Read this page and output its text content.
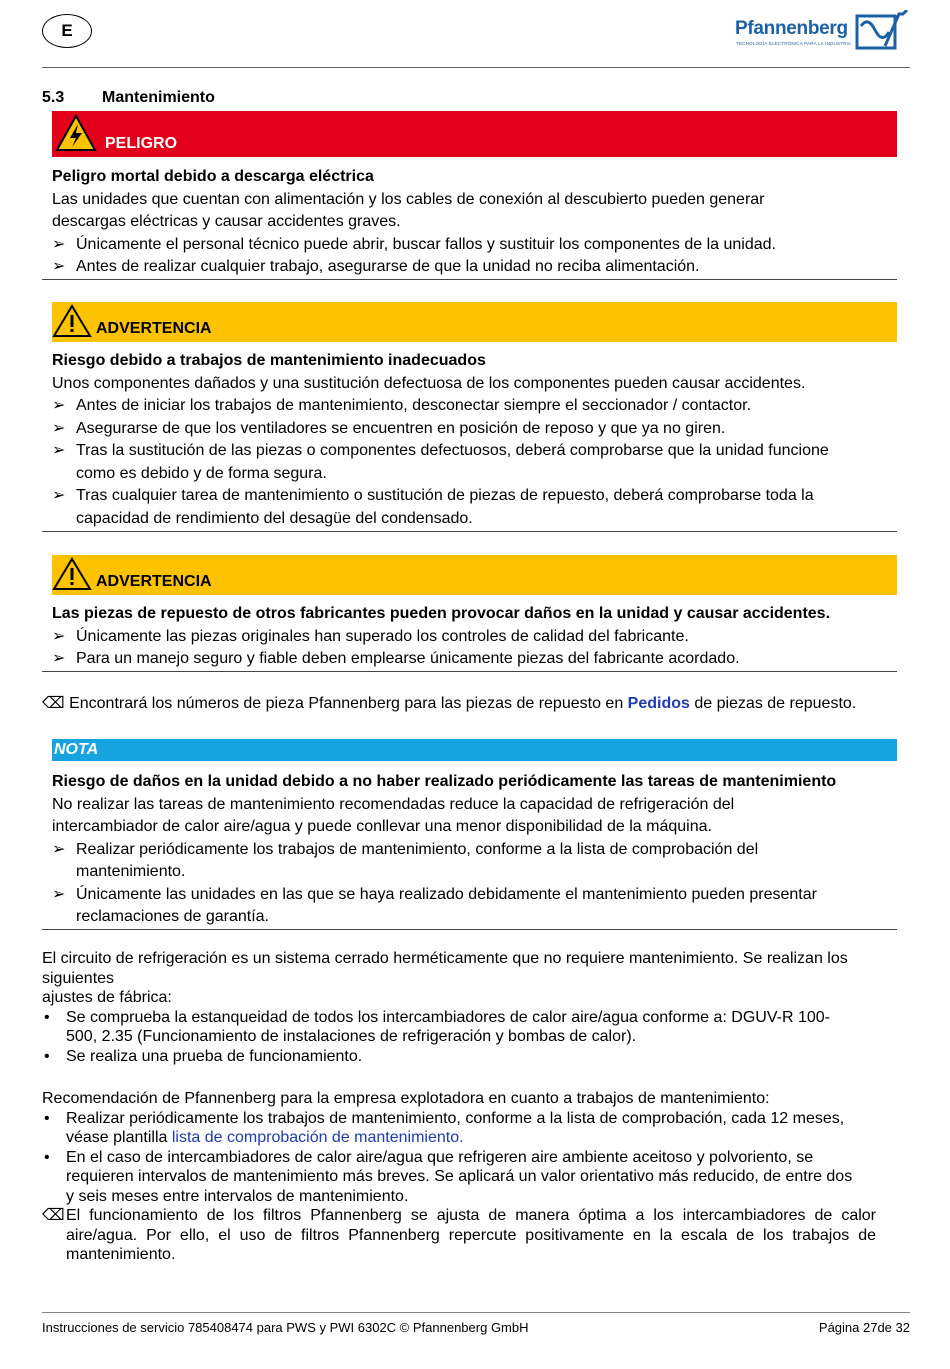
E	Pfannenberg
TECNOLOGÍA ELECTRÓNICA PARA LA INDUSTRIA
5.3 Mantenimiento
PELIGRO
Peligro mortal debido a descarga eléctrica
Las unidades que cuentan con alimentación y los cables de conexión al descubierto pueden generar
descargas eléctricas y causar accidentes graves.
➢ Únicamente el personal técnico puede abrir, buscar fallos y sustituir los componentes de la unidad.
➢ Antes de realizar cualquier trabajo, asegurarse de que la unidad no reciba alimentación.
ADVERTENCIA
Riesgo debido a trabajos de mantenimiento inadecuados
Unos componentes dañados y una sustitución defectuosa de los componentes pueden causar accidentes.
➢ Antes de iniciar los trabajos de mantenimiento, desconectar siempre el seccionador / contactor.
➢ Asegurarse de que los ventiladores se encuentren en posición de reposo y que ya no giren.
➢ Tras la sustitución de las piezas o componentes defectuosos, deberá comprobarse que la unidad funcione
como es debido y de forma segura.
➢ Tras cualquier tarea de mantenimiento o sustitución de piezas de repuesto, deberá comprobarse toda la
capacidad de rendimiento del desagüe del condensado.
ADVERTENCIA
Las piezas de repuesto de otros fabricantes pueden provocar daños en la unidad y causar accidentes.
➢ Únicamente las piezas originales han superado los controles de calidad del fabricante.
➢ Para un manejo seguro y fiable deben emplearse únicamente piezas del fabricante acordado.
⌫ Encontrará los números de pieza Pfannenberg para las piezas de repuesto en Pedidos de piezas de repuesto.
NOTA
Riesgo de daños en la unidad debido a no haber realizado periódicamente las tareas de mantenimiento
No realizar las tareas de mantenimiento recomendadas reduce la capacidad de refrigeración del
intercambiador de calor aire/agua y puede conllevar una menor disponibilidad de la máquina.
➢ Realizar periódicamente los trabajos de mantenimiento, conforme a la lista de comprobación del
mantenimiento.
➢ Únicamente las unidades en las que se haya realizado debidamente el mantenimiento pueden presentar
reclamaciones de garantía.
El circuito de refrigeración es un sistema cerrado herméticamente que no requiere mantenimiento. Se realizan los
siguientes
ajustes de fábrica:
• Se comprueba la estanqueidad de todos los intercambiadores de calor aire/agua conforme a: DGUV-R 100-
500, 2.35 (Funcionamiento de instalaciones de refrigeración y bombas de calor).
• Se realiza una prueba de funcionamiento.
Recomendación de Pfannenberg para la empresa explotadora en cuanto a trabajos de mantenimiento:
• Realizar periódicamente los trabajos de mantenimiento, conforme a la lista de comprobación, cada 12 meses,
véase plantilla lista de comprobación de mantenimiento.
• En el caso de intercambiadores de calor aire/agua que refrigeren aire ambiente aceitoso y polvoriento, se
requieren intervalos de mantenimiento más breves. Se aplicará un valor orientativo más reducido, de entre dos
y seis meses entre intervalos de mantenimiento.
⌫ El funcionamiento de los filtros Pfannenberg se ajusta de manera óptima a los intercambiadores de calor aire/agua. Por ello, el uso de filtros Pfannenberg repercute positivamente en la escala de los trabajos de mantenimiento.
Instrucciones de servicio 785408474 para PWS y PWI 6302C © Pfannenberg GmbH	Página 27de 32
